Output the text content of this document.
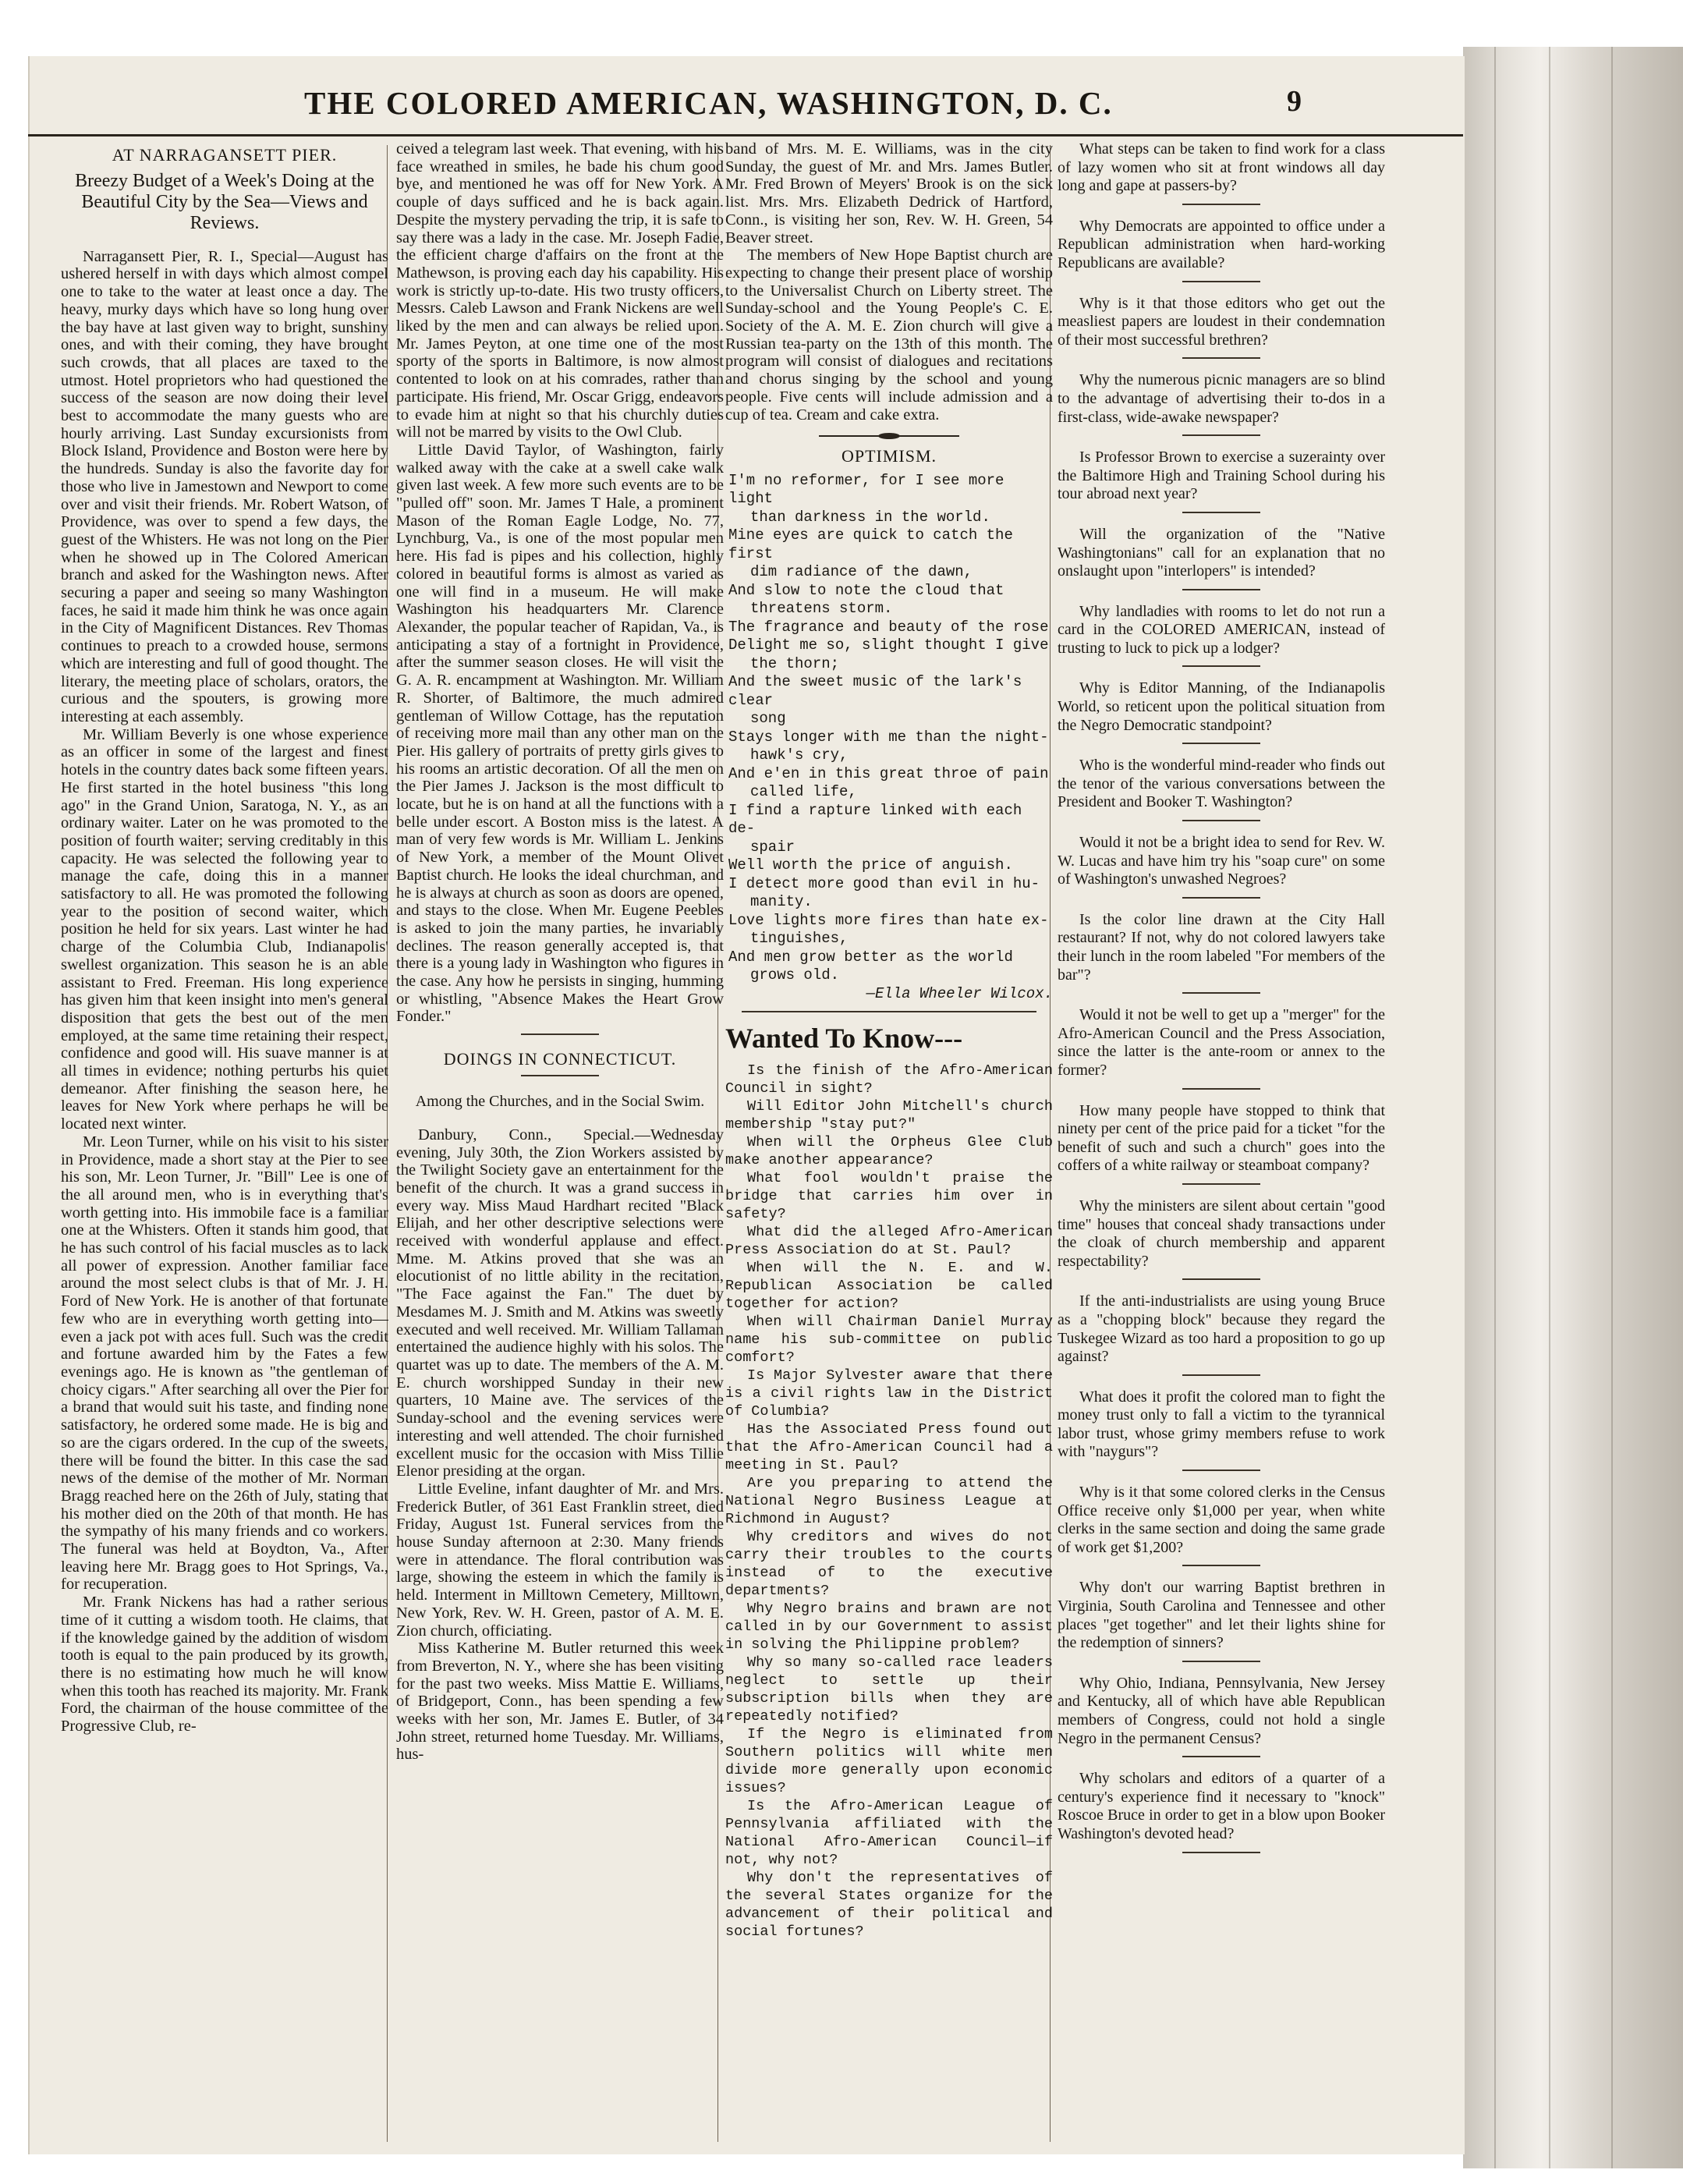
THE COLORED AMERICAN, WASHINGTON, D. C.	9
AT NARRAGANSETT PIER.
Breezy Budget of a Week's Doing at the Beautiful City by the Sea—Views and Reviews.

Narragansett Pier, R. I., Special—August has ushered herself in with days which almost compel one to take to the water at least once a day. The heavy, murky days which have so long hung over the bay have at last given way to bright, sunshiny ones, and with their coming, they have brought such crowds, that all places are taxed to the utmost. Hotel proprietors who had questioned the success of the season are now doing their level best to accommodate the many guests who are hourly arriving. Last Sunday excursionists from Block Island, Providence and Boston were here by the hundreds. Sunday is also the favorite day for those who live in Jamestown and Newport to come over and visit their friends. Mr. Robert Watson, of Providence, was over to spend a few days, the guest of the Whisters. He was not long on the Pier when he showed up in The Colored American branch and asked for the Washington news. After securing a paper and seeing so many Washington faces, he said it made him think he was once again in the City of Magnificent Distances. Rev Thomas continues to preach to a crowded house, sermons which are interesting and full of good thought. The literary, the meeting place of scholars, orators, the curious and the spouters, is growing more interesting at each assembly.

Mr. William Beverly is one whose experience as an officer in some of the largest and finest hotels in the country dates back some fifteen years. He first started in the hotel business "this long ago" in the Grand Union, Saratoga, N. Y., as an ordinary waiter. Later on he was promoted to the position of fourth waiter; serving creditably in this capacity. He was selected the following year to manage the cafe, doing this in a manner satisfactory to all. He was promoted the following year to the position of second waiter, which position he held for six years. Last winter he had charge of the Columbia Club, Indianapolis' swellest organization. This season he is an able assistant to Fred. Freeman. His long experience has given him that keen insight into men's general disposition that gets the best out of the men employed, at the same time retaining their respect, confidence and good will. His suave manner is at all times in evidence; nothing perturbs his quiet demeanor. After finishing the season here, he leaves for New York where perhaps he will be located next winter.

Mr. Leon Turner, while on his visit to his sister in Providence, made a short stay at the Pier to see his son, Mr. Leon Turner, Jr. "Bill" Lee is one of the all around men, who is in everything that's worth getting into. His immobile face is a familiar one at the Whisters. Often it stands him good, that he has such control of his facial muscles as to lack all power of expression. Another familiar face around the most select clubs is that of Mr. J. H. Ford of New York. He is another of that fortunate few who are in everything worth getting into—even a jack pot with aces full. Such was the credit and fortune awarded him by the Fates a few evenings ago. He is known as "the gentleman of choicy cigars." After searching all over the Pier for a brand that would suit his taste, and finding none satisfactory, he ordered some made. He is big and so are the cigars ordered. In the cup of the sweets, there will be found the bitter. In this case the sad news of the demise of the mother of Mr. Norman Bragg reached here on the 26th of July, stating that his mother died on the 20th of that month. He has the sympathy of his many friends and co workers. The funeral was held at Boydton, Va., After leaving here Mr. Bragg goes to Hot Springs, Va., for recuperation.

Mr. Frank Nickens has had a rather serious time of it cutting a wisdom tooth. He claims, that if the knowledge gained by the addition of wisdom tooth is equal to the pain produced by its growth, there is no estimating how much he will know when this tooth has reached its majority. Mr. Frank Ford, the chairman of the house committee of the Progressive Club, re-

ceived a telegram last week. That evening, with his face wreathed in smiles, he bade his chum good bye, and mentioned he was off for New York. A couple of days sufficed and he is back again. Despite the mystery pervading the trip, it is safe to say there was a lady in the case. Mr. Joseph Fadie, the efficient charge d'affairs on the front at the Mathewson, is proving each day his capability. His work is strictly up-to-date. His two trusty officers, Messrs. Caleb Lawson and Frank Nickens are well liked by the men and can always be relied upon. Mr. James Peyton, at one time one of the most sporty of the sports in Baltimore, is now almost contented to look on at his comrades, rather than participate. His friend, Mr. Oscar Grigg, endeavors to evade him at night so that his churchly duties will not be marred by visits to the Owl Club.

Little David Taylor, of Washington, fairly walked away with the cake at a swell cake walk given last week. A few more such events are to be "pulled off" soon. Mr. James T Hale, a prominent Mason of the Roman Eagle Lodge, No. 77, Lynchburg, Va., is one of the most popular men here. His fad is pipes and his collection, highly colored in beautiful forms is almost as varied as one will find in a museum. He will make Washington his headquarters Mr. Clarence Alexander, the popular teacher of Rapidan, Va., is anticipating a stay of a fortnight in Providence, after the summer season closes. He will visit the G. A. R. encampment at Washington. Mr. William R. Shorter, of Baltimore, the much admired gentleman of Willow Cottage, has the reputation of receiving more mail than any other man on the Pier. His gallery of portraits of pretty girls gives to his rooms an artistic decoration. Of all the men on the Pier James J. Jackson is the most difficult to locate, but he is on hand at all the functions with a belle under escort. A Boston miss is the latest. A man of very few words is Mr. William L. Jenkins of New York, a member of the Mount Olivet Baptist church. He looks the ideal churchman, and he is always at church as soon as doors are opened, and stays to the close. When Mr. Eugene Peebles is asked to join the many parties, he invariably declines. The reason generally accepted is, that there is a young lady in Washington who figures in the case. Any how he persists in singing, humming or whistling, "Absence Makes the Heart Grow Fonder."

DOINGS IN CONNECTICUT.
Among the Churches, and in the Social Swim.

Danbury, Conn., Special.—Wednesday evening, July 30th, the Zion Workers assisted by the Twilight Society gave an entertainment for the benefit of the church. It was a grand success in every way. Miss Maud Hardhart recited "Black Elijah, and her other descriptive selections were received with wonderful applause and effect. Mme. M. Atkins proved that she was an elocutionist of no little ability in the recitation, "The Face against the Fan." The duet by Mesdames M. J. Smith and M. Atkins was sweetly executed and well received. Mr. William Tallaman entertained the audience highly with his solos. The quartet was up to date. The members of the A. M. E. church worshipped Sunday in their new quarters, 10 Maine ave. The services of the Sunday-school and the evening services were interesting and well attended. The choir furnished excellent music for the occasion with Miss Tillie Elenor presiding at the organ.

Little Eveline, infant daughter of Mr. and Mrs. Frederick Butler, of 361 East Franklin street, died Friday, August 1st. Funeral services from the house Sunday afternoon at 2:30. Many friends were in attendance. The floral contribution was large, showing the esteem in which the family is held. Interment in Milltown Cemetery, Milltown, New York, Rev. W. H. Green, pastor of A. M. E. Zion church, officiating.

Miss Katherine M. Butler returned this week from Breverton, N. Y., where she has been visiting for the past two weeks. Miss Mattie E. Williams, of Bridgeport, Conn., has been spending a few weeks with her son, Mr. James E. Butler, of 34 John street, returned home Tuesday. Mr. Williams, hus-

band of Mrs. M. E. Williams, was in the city Sunday, the guest of Mr. and Mrs. James Butler. Mr. Fred Brown of Meyers' Brook is on the sick list. Mrs. Mrs. Elizabeth Dedrick of Hartford, Conn., is visiting her son, Rev. W. H. Green, 54 Beaver street.

The members of New Hope Baptist church are expecting to change their present place of worship to the Universalist Church on Liberty street. The Sunday-school and the Young People's C. E. Society of the A. M. E. Zion church will give a Russian tea-party on the 13th of this month. The program will consist of dialogues and recitations and chorus singing by the school and young people. Five cents will include admission and a cup of tea. Cream and cake extra.

OPTIMISM.
I'm no reformer, for I see more light
than darkness in the world.
Mine eyes are quick to catch the first
dim radiance of the dawn,
And slow to note the cloud that
threatens storm.
The fragrance and beauty of the rose
Delight me so, slight thought I give
the thorn;
And the sweet music of the lark's clear
song
Stays longer with me than the night-
hawk's cry,
And e'en in this great throe of pain
called life,
I find a rapture linked with each de-
spair
Well worth the price of anguish.
I detect more good than evil in hu-
manity.
Love lights more fires than hate ex-
tinguishes,
And men grow better as the world
grows old.
—Ella Wheeler Wilcox.
Wanted To Know---

Is the finish of the Afro-American Council in sight?

Will Editor John Mitchell's church membership "stay put?"

When will the Orpheus Glee Club make another appearance?

What fool wouldn't praise the bridge that carries him over in safety?

What did the alleged Afro-American Press Association do at St. Paul?

When will the N. E. and W. Republican Association be called together for action?

When will Chairman Daniel Murray name his sub-committee on public comfort?

Is Major Sylvester aware that there is a civil rights law in the District of Columbia?

Has the Associated Press found out that the Afro-American Council had a meeting in St. Paul?

Are you preparing to attend the National Negro Business League at Richmond in August?

Why creditors and wives do not carry their troubles to the courts instead of to the executive departments?

Why Negro brains and brawn are not called in by our Government to assist in solving the Philippine problem?

Why so many so-called race leaders neglect to settle up their subscription bills when they are repeatedly notified?

If the Negro is eliminated from Southern politics will white men divide more generally upon economic issues?

Is the Afro-American League of Pennsylvania affiliated with the National Afro-American Council—if not, why not?

Why don't the representatives of the several States organize for the advancement of their political and social fortunes?

What steps can be taken to find work for a class of lazy women who sit at front windows all day long and gape at passers-by?

Why Democrats are appointed to office under a Republican administration when hard-working Republicans are available?

Why is it that those editors who get out the measliest papers are loudest in their condemnation of their most successful brethren?

Why the numerous picnic managers are so blind to the advantage of advertising their to-dos in a first-class, wide-awake newspaper?

Is Professor Brown to exercise a suzerainty over the Baltimore High and Training School during his tour abroad next year?

Will the organization of the "Native Washingtonians" call for an explanation that no onslaught upon "interlopers" is intended?

Why landladies with rooms to let do not run a card in the COLORED AMERICAN, instead of trusting to luck to pick up a lodger?

Why is Editor Manning, of the Indianapolis World, so reticent upon the political situation from the Negro Democratic standpoint?

Who is the wonderful mind-reader who finds out the tenor of the various conversations between the President and Booker T. Washington?

Would it not be a bright idea to send for Rev. W. W. Lucas and have him try his "soap cure" on some of Washington's unwashed Negroes?

Is the color line drawn at the City Hall restaurant? If not, why do not colored lawyers take their lunch in the room labeled "For members of the bar"?

Would it not be well to get up a "merger" for the Afro-American Council and the Press Association, since the latter is the ante-room or annex to the former?

How many people have stopped to think that ninety per cent of the price paid for a ticket "for the benefit of such and such a church" goes into the coffers of a white railway or steamboat company?

Why the ministers are silent about certain "good time" houses that conceal shady transactions under the cloak of church membership and apparent respectability?

If the anti-industrialists are using young Bruce as a "chopping block" because they regard the Tuskegee Wizard as too hard a proposition to go up against?

What does it profit the colored man to fight the money trust only to fall a victim to the tyrannical labor trust, whose grimy members refuse to work with "naygurs"?

Why is it that some colored clerks in the Census Office receive only $1,000 per year, when white clerks in the same section and doing the same grade of work get $1,200?

Why don't our warring Baptist brethren in Virginia, South Carolina and Tennessee and other places "get together" and let their lights shine for the redemption of sinners?

Why Ohio, Indiana, Pennsylvania, New Jersey and Kentucky, all of which have able Republican members of Congress, could not hold a single Negro in the permanent Census?

Why scholars and editors of a quarter of a century's experience find it necessary to "knock" Roscoe Bruce in order to get in a blow upon Booker Washington's devoted head?
